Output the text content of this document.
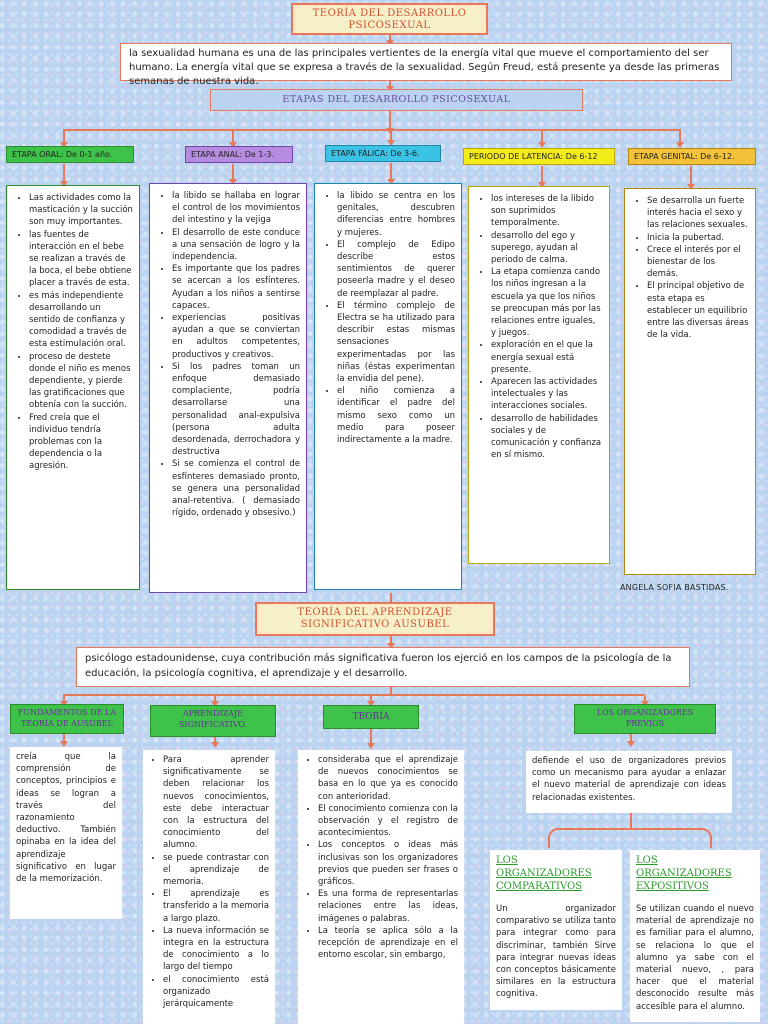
TEORÍA DEL DESARROLLO PSICOSEXUAL
la sexualidad humana es una de las principales vertientes de la energía vital que mueve el comportamiento del ser humano. La energía vital que se expresa a través de la sexualidad. Según Freud, está presente ya desde las primeras semanas de nuestra vida.
ETAPAS DEL DESARROLLO PSICOSEXUAL
ETAPA ORAL: De 0-1 año.	ETAPA ANAL: De 1-3.	ETAPA FÁLICA: De 3-6.	PERIODO DE LATENCIA: De 6-12	ETAPA GENITAL: De 6-12.
• Las actividades como la masticación y la succión son muy importantes.
• las fuentes de interacción en el bebe se realizan a través de la boca, el bebe obtiene placer a través de esta.
• es más independiente desarrollando un sentido de confianza y comodidad a través de esta estimulación oral.
• proceso de destete donde el niño es menos dependiente, y pierde las gratificaciones que obtenía con la succión.
• Fred creía que el individuo tendría problemas con la dependencia o la agresión.
• la libido se hallaba en lograr el control de los movimientos del intestino y la vejiga
• El desarrollo de este conduce a una sensación de logro y la independencia.
• Es importante que los padres se acercan a los esfínteres. Ayudan a los niños a sentirse capaces.
• experiencias positivas ayudan a que se conviertan en adultos competentes, productivos y creativos.
• Si los padres toman un enfoque demasiado complaciente, podría desarrollarse una personalidad anal-expulsiva (persona adulta desordenada, derrochadora y destructiva
• Si se comienza el control de esfínteres demasiado pronto, se genera una personalidad anal-retentiva. ( demasiado rígido, ordenado y obsesivo.)
• la libido se centra en los genitales, descubren diferencias entre hombres y mujeres.
• El complejo de Edipo describe estos sentimientos de querer poseerla madre y el deseo de reemplazar al padre.
• El término complejo de Electra se ha utilizado para describir estas mismas sensaciones experimentadas por las niñas (éstas experimentan la envidia del pene).
• el niño comienza a identificar el padre del mismo sexo como un medio para poseer indirectamente a la madre.
• los intereses de la libido son suprimidos temporalmente.
• desarrollo del ego y superego, ayudan al periodo de calma.
• La etapa comienza cando los niños ingresan a la escuela ya que los niños se preocupan más por las relaciones entre iguales, y juegos.
• exploración en el que la energía sexual está presente.
• Aparecen las actividades intelectuales y las interacciones sociales.
• desarrollo de habilidades sociales y de comunicación y confianza en sí mismo.
• Se desarrolla un fuerte interés hacia el sexo y las relaciones sexuales.
• Inicia la pubertad.
• Crece el interés por el bienestar de los demás.
• El principal objetivo de esta etapa es establecer un equilibrio entre las diversas áreas de la vida.
ANGELA SOFIA BASTIDAS.
TEORÍA DEL APRENDIZAJE SIGNIFICATIVO AUSUBEL
psicólogo estadounidense, cuya contribución más significativa fueron los ejerció en los campos de la psicología de la educación, la psicología cognitiva, el aprendizaje y el desarrollo.
FUNDAMENTOS DE LA TEORÍA DE AUSUBEL
APRENDIZAJE SIGNIFICATIVO.
TEORÍA	LOS ORGANIZADORES PREVIOS
creía que la comprensión de conceptos, principios e ideas se logran a través del razonamiento deductivo. También opinaba en la idea del aprendizaje significativo en lugar de la memorización.
• Para aprender significativamente se deben relacionar los nuevos conocimientos, este debe interactuar con la estructura del conocimiento del alumno.
• se puede contrastar con el aprendizaje de memoria.
• El aprendizaje es transferido a la memoria a largo plazo.
• La nueva información se integra en la estructura de conocimiento a lo largo del tiempo
• el conocimiento está organizado jerárquicamente
• consideraba que el aprendizaje de nuevos conocimientos se basa en lo que ya es conocido con anterioridad.
• El conocimiento comienza con la observación y el registro de acontecimientos.
• Los conceptos o ideas más inclusivas son los organizadores previos que pueden ser frases o gráficos.
• Es una forma de representarlas relaciones entre las ideas, imágenes o palabras.
• La teoría se aplica sólo a la recepción de aprendizaje en el entorno escolar, sin embargo,
defiende el uso de organizadores previos como un mecanismo para ayudar a enlazar el nuevo material de aprendizaje con ideas relacionadas existentes.
LOS ORGANIZADORES COMPARATIVOS
Un organizador comparativo se utiliza tanto para integrar como para discriminar, también Sirve para integrar nuevas ideas con conceptos básicamente similares en la estructura cognitiva.
LOS ORGANIZADORES EXPOSITIVOS
Se utilizan cuando el nuevo material de aprendizaje no es familiar para el alumno, se relaciona lo que el alumno ya sabe con el material nuevo, , para hacer que el material desconocido resulte más accesible para el alumno.
